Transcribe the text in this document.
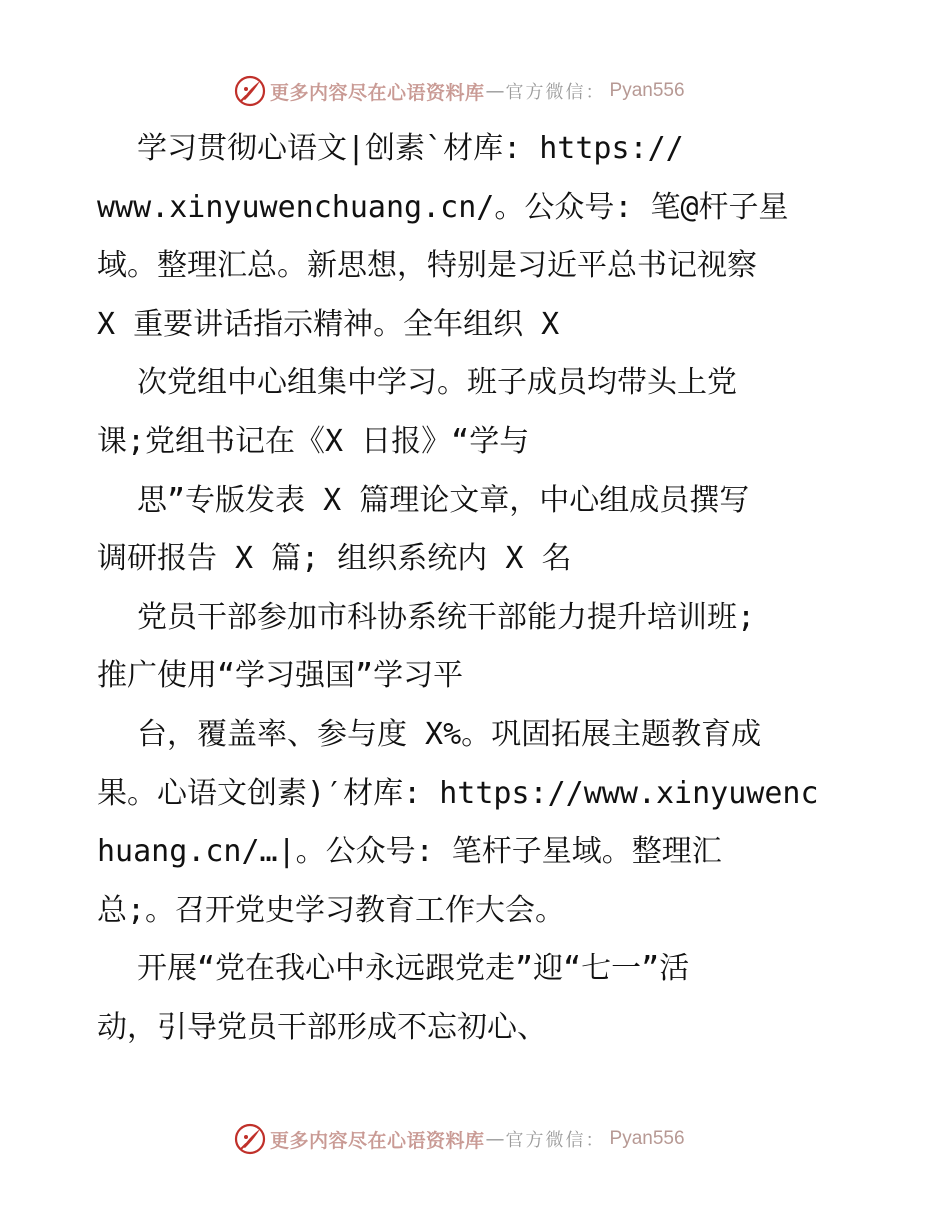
更多内容尽在心语资料库 — 官方微信： Pyan556
学习贯彻心语文|创素`材库: https://
www.xinyuwenchuang.cn/。公众号: 笔@杆子星
域。整理汇总。新思想，特别是习近平总书记视察
X 重要讲话指示精神。全年组织 X
次党组中心组集中学习。班子成员均带头上党
课;党组书记在《X 日报》“学与
思”专版发表 X 篇理论文章，中心组成员撰写
调研报告 X 篇; 组织系统内 X 名
党员干部参加市科协系统干部能力提升培训班;
推广使用“学习强国”学习平
台，覆盖率、参与度 X%。巩固拓展主题教育成
果。心语文创素)′材库: https://www.xinyuwenc
huang.cn/…|。公众号: 笔杆子星域。整理汇
总;。召开党史学习教育工作大会。
开展“党在我心中永远跟党走”迎“七一”活
动，引导党员干部形成不忘初心、
更多内容尽在心语资料库 — 官方微信： Pyan556
